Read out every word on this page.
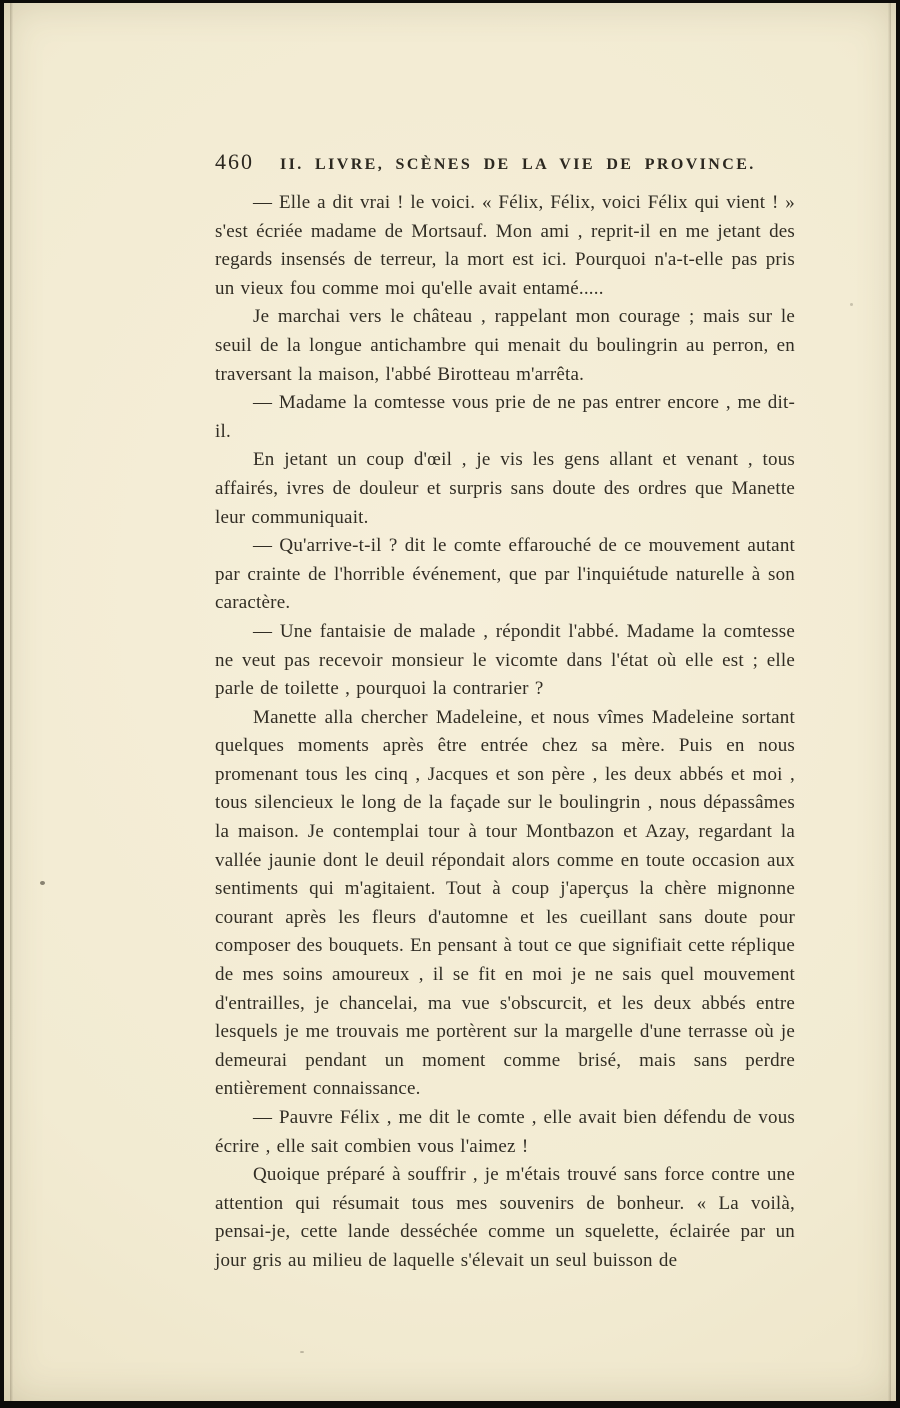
460 II. LIVRE, SCÈNES DE LA VIE DE PROVINCE.

— Elle a dit vrai ! le voici. « Félix, Félix, voici Félix qui vient ! » s'est écriée madame de Mortsauf. Mon ami , reprit-il en me jetant des regards insensés de terreur, la mort est ici. Pourquoi n'a-t-elle pas pris un vieux fou comme moi qu'elle avait entamé.....

Je marchai vers le château , rappelant mon courage ; mais sur le seuil de la longue antichambre qui menait du boulingrin au perron, en traversant la maison, l'abbé Birotteau m'arrêta.

— Madame la comtesse vous prie de ne pas entrer encore , me dit-il.

En jetant un coup d'œil , je vis les gens allant et venant , tous affairés, ivres de douleur et surpris sans doute des ordres que Manette leur communiquait.

— Qu'arrive-t-il ? dit le comte effarouché de ce mouvement autant par crainte de l'horrible événement, que par l'inquiétude naturelle à son caractère.

— Une fantaisie de malade , répondit l'abbé. Madame la comtesse ne veut pas recevoir monsieur le vicomte dans l'état où elle est ; elle parle de toilette , pourquoi la contrarier ?

Manette alla chercher Madeleine, et nous vîmes Madeleine sortant quelques moments après être entrée chez sa mère. Puis en nous promenant tous les cinq , Jacques et son père , les deux abbés et moi , tous silencieux le long de la façade sur le boulingrin , nous dépassâmes la maison. Je contemplai tour à tour Montbazon et Azay, regardant la vallée jaunie dont le deuil répondait alors comme en toute occasion aux sentiments qui m'agitaient. Tout à coup j'aperçus la chère mignonne courant après les fleurs d'automne et les cueillant sans doute pour composer des bouquets. En pensant à tout ce que signifiait cette réplique de mes soins amoureux , il se fit en moi je ne sais quel mouvement d'entrailles, je chancelai, ma vue s'obscurcit, et les deux abbés entre lesquels je me trouvais me portèrent sur la margelle d'une terrasse où je demeurai pendant un moment comme brisé, mais sans perdre entièrement connaissance.

— Pauvre Félix , me dit le comte , elle avait bien défendu de vous écrire , elle sait combien vous l'aimez !

Quoique préparé à souffrir , je m'étais trouvé sans force contre une attention qui résumait tous mes souvenirs de bonheur. « La voilà, pensai-je, cette lande desséchée comme un squelette, éclairée par un jour gris au milieu de laquelle s'élevait un seul buisson de
